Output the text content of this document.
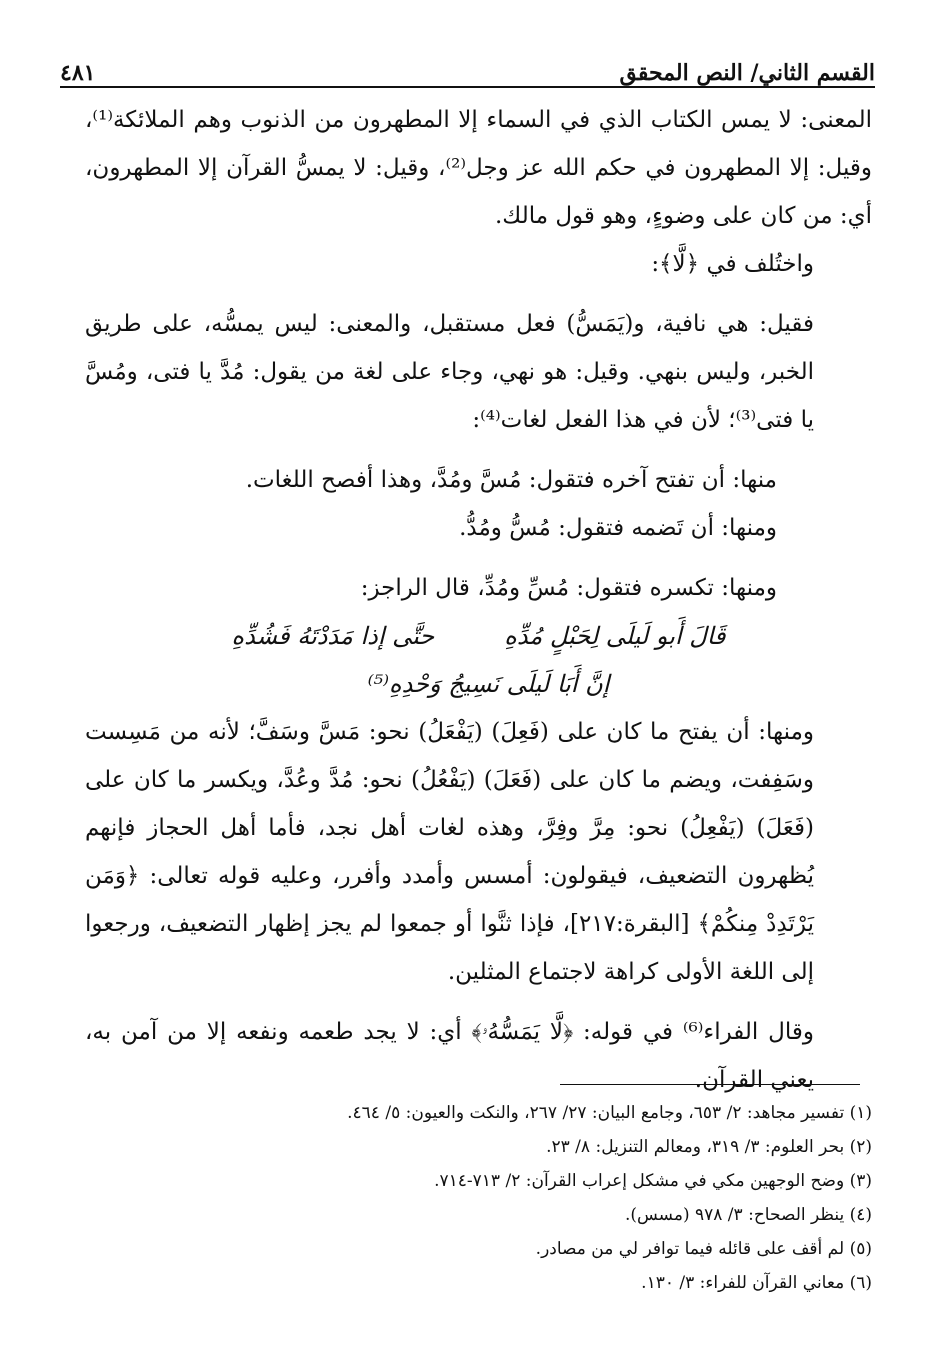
القسم الثاني/ النص المحقق
٤٨١

المعنى: لا يمس الكتاب الذي في السماء إلا المطهرون من الذنوب وهم الملائكة⁽¹⁾، وقيل: إلا المطهرون في حكم الله عز وجل⁽²⁾، وقيل: لا يمسُّ القرآن إلا المطهرون، أي: من كان على وضوءٍ، وهو قول مالك.

واختُلف في ﴿لَّا﴾:

فقيل: هي نافية، و(يَمَسُّ) فعل مستقبل، والمعنى: ليس يمسُّه، على طريق الخبر، وليس بنهي. وقيل: هو نهي، وجاء على لغة من يقول: مُدَّ يا فتى، ومُسَّ يا فتى⁽³⁾؛ لأن في هذا الفعل لغات⁽⁴⁾:

منها: أن تفتح آخره فتقول: مُسَّ ومُدَّ، وهذا أفصح اللغات.

ومنها: أن تَضمه فتقول: مُسُّ ومُدُّ.

ومنها: تكسره فتقول: مُسِّ ومُدِّ، قال الراجز:

قَالَ أَبو لَيلَى لِحَبْلٍ مُدِّهِ
حتَّى إذا مَدَدْتَهُ فَشُدِّهِ
إنَّ أَبَا لَيلَى نَسِيجُ وَحْدِهِ⁽⁵⁾

ومنها: أن يفتح ما كان على (فَعِلَ) (يَفْعَلُ) نحو: مَسَّ وسَفَّ؛ لأنه من مَسِست وسَفِفت، ويضم ما كان على (فَعَلَ) (يَفْعُلُ) نحو: مُدَّ وعُدَّ، ويكسر ما كان على (فَعَلَ) (يَفْعِلُ) نحو: مِرَّ وفِرَّ، وهذه لغات أهل نجد، فأما أهل الحجاز فإنهم يُظهرون التضعيف، فيقولون: أمسس وأمدد وأفرر، وعليه قوله تعالى: ﴿وَمَن يَرْتَدِدْ مِنكُمْ﴾ [البقرة:٢١٧]، فإذا ثنَّوا أو جمعوا لم يجز إظهار التضعيف، ورجعوا إلى اللغة الأولى كراهة لاجتماع المثلين.

وقال الفراء⁽⁶⁾ في قوله: ﴿لَّا يَمَسُّهُۥ﴾ أي: لا يجد طعمه ونفعه إلا من آمن به، يعني القرآن.

(١) تفسير مجاهد: ٢/ ٦٥٣، وجامع البيان: ٢٧/ ٢٦٧، والنكت والعيون: ٥/ ٤٦٤.
(٢) بحر العلوم: ٣/ ٣١٩، ومعالم التنزيل: ٨/ ٢٣.
(٣) وضح الوجهين مكي في مشكل إعراب القرآن: ٢/ ٧١٣-٧١٤.
(٤) ينظر الصحاح: ٣/ ٩٧٨ (مسس).
(٥) لم أقف على قائله فيما توافر لي من مصادر.
(٦) معاني القرآن للفراء: ٣/ ١٣٠.
